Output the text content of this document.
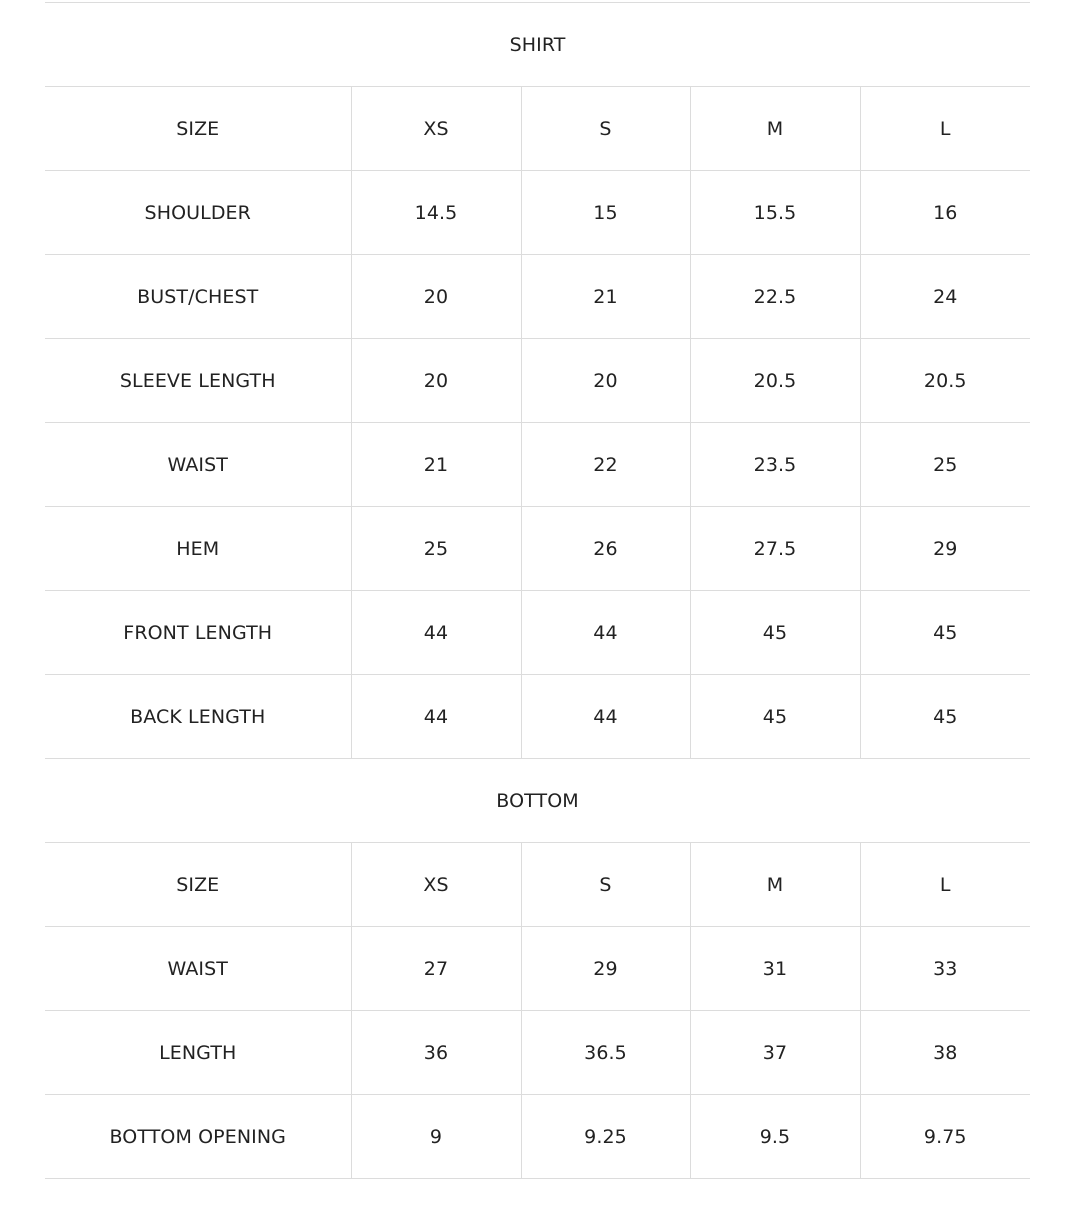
SHIRT				
SIZE	XS	S	M	L
SHOULDER	14.5	15	15.5	16
BUST/CHEST	20	21	22.5	24
SLEEVE LENGTH	20	20	20.5	20.5
WAIST	21	22	23.5	25
HEM	25	26	27.5	29
FRONT LENGTH	44	44	45	45
BACK LENGTH	44	44	45	45
BOTTOM				
SIZE	XS	S	M	L
WAIST	27	29	31	33
LENGTH	36	36.5	37	38
BOTTOM OPENING	9	9.25	9.5	9.75
